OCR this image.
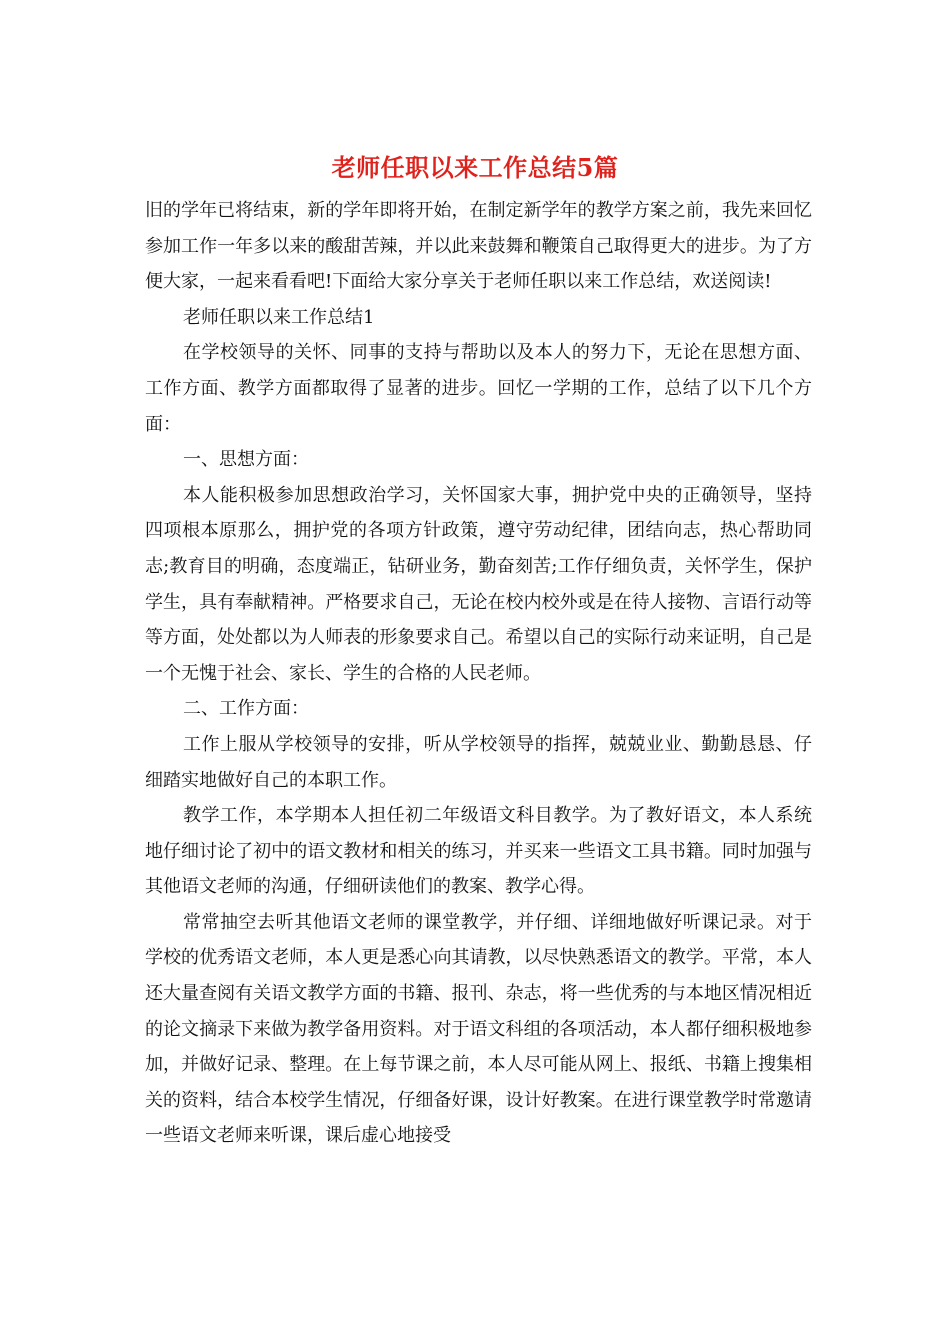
老师任职以来工作总结5篇

旧的学年已将结束，新的学年即将开始，在制定新学年的教学方案之前，我先来回忆参加工作一年多以来的酸甜苦辣，并以此来鼓舞和鞭策自己取得更大的进步。为了方便大家，一起来看看吧!下面给大家分享关于老师任职以来工作总结，欢送阅读!

老师任职以来工作总结1

在学校领导的关怀、同事的支持与帮助以及本人的努力下，无论在思想方面、工作方面、教学方面都取得了显著的进步。回忆一学期的工作，总结了以下几个方面：

一、思想方面：

本人能积极参加思想政治学习，关怀国家大事，拥护党中央的正确领导，坚持四项根本原那么，拥护党的各项方针政策，遵守劳动纪律，团结向志，热心帮助同志;教育目的明确，态度端正，钻研业务，勤奋刻苦;工作仔细负责，关怀学生，保护学生，具有奉献精神。严格要求自己，无论在校内校外或是在待人接物、言语行动等等方面，处处都以为人师表的形象要求自己。希望以自己的实际行动来证明，自己是一个无愧于社会、家长、学生的合格的人民老师。

二、工作方面：

工作上服从学校领导的安排，听从学校领导的指挥，兢兢业业、勤勤恳恳、仔细踏实地做好自己的本职工作。

教学工作，本学期本人担任初二年级语文科目教学。为了教好语文，本人系统地仔细讨论了初中的语文教材和相关的练习，并买来一些语文工具书籍。同时加强与其他语文老师的沟通，仔细研读他们的教案、教学心得。

常常抽空去听其他语文老师的课堂教学，并仔细、详细地做好听课记录。对于学校的优秀语文老师，本人更是悉心向其请教，以尽快熟悉语文的教学。平常，本人还大量查阅有关语文教学方面的书籍、报刊、杂志，将一些优秀的与本地区情况相近的论文摘录下来做为教学备用资料。对于语文科组的各项活动，本人都仔细积极地参加，并做好记录、整理。在上每节课之前，本人尽可能从网上、报纸、书籍上搜集相关的资料，结合本校学生情况，仔细备好课，设计好教案。在进行课堂教学时常邀请一些语文老师来听课，课后虚心地接受
